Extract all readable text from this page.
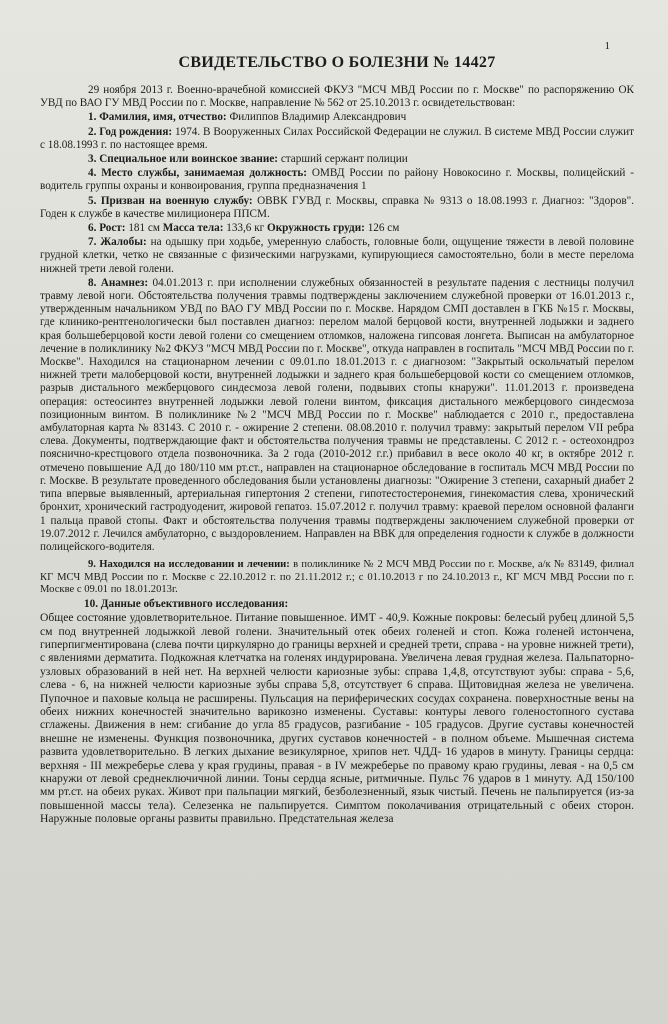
1
СВИДЕТЕЛЬСТВО О БОЛЕЗНИ № 14427

29 ноября 2013 г. Военно-врачебной комиссией ФКУЗ "МСЧ МВД России по г. Москве" по распоряжению ОК УВД по ВАО ГУ МВД России по г. Москве, направление № 562 от 25.10.2013 г. освидетельствован:

1. Фамилия, имя, отчество: Филиппов Владимир Александрович

2. Год рождения: 1974. В Вооруженных Силах Российской Федерации не служил. В системе МВД России служит с 18.08.1993 г. по настоящее время.

3. Специальное или воинское звание: старший сержант полиции

4. Место службы, занимаемая должность: ОМВД России по району Новокосино г. Москвы, полицейский - водитель группы охраны и конвоирования, группа предназначения 1

5. Призван на военную службу: ОВВК ГУВД г. Москвы, справка № 9313 о 18.08.1993 г. Диагноз: "Здоров". Годен к службе в качестве милиционера ППСМ.

6. Рост: 181 см Масса тела: 133,6 кг Окружность груди: 126 см

7. Жалобы: на одышку при ходьбе, умеренную слабость, головные боли, ощущение тяжести в левой половине грудной клетки, четко не связанные с физическими нагрузками, купирующиеся самостоятельно, боли в месте перелома нижней трети левой голени.

8. Анамнез: 04.01.2013 г. при исполнении служебных обязанностей в результате падения с лестницы получил травму левой ноги. Обстоятельства получения травмы подтверждены заключением служебной проверки от 16.01.2013 г., утвержденным начальником УВД по ВАО ГУ МВД России по г. Москве. Нарядом СМП доставлен в ГКБ №15 г. Москвы, где клинико-рентгенологически был поставлен диагноз: перелом малой берцовой кости, внутренней лодыжки и заднего края большеберцовой кости левой голени со смещением отломков, наложена гипсовая лонгета. Выписан на амбулаторное лечение в поликлинику №2 ФКУЗ "МСЧ МВД России по г. Москве", откуда направлен в госпиталь "МСЧ МВД России по г. Москве". Находился на стационарном лечении с 09.01.по 18.01.2013 г. с диагнозом: "Закрытый оскольчатый перелом нижней трети малоберцовой кости, внутренней лодыжки и заднего края большеберцовой кости со смещением отломков, разрыв дистального межберцового синдесмоза левой голени, подвывих стопы кнаружи". 11.01.2013 г. произведена операция: остеосинтез внутренней лодыжки левой голени винтом, фиксация дистального межберцового синдесмоза позиционным винтом. В поликлинике №2 "МСЧ МВД России по г. Москве" наблюдается с 2010 г., предоставлена амбулаторная карта № 83143. С 2010 г. - ожирение 2 степени. 08.08.2010 г. получил травму: закрытый перелом VII ребра слева. Документы, подтверждающие факт и обстоятельства получения травмы не представлены. С 2012 г. - остеохондроз пояснично-крестцового отдела позвоночника. За 2 года (2010-2012 г.г.) прибавил в весе около 40 кг, в октябре 2012 г. отмечено повышение АД до 180/110 мм рт.ст., направлен на стационарное обследование в госпиталь МСЧ МВД России по г. Москве. В результате проведенного обследования были установлены диагнозы: "Ожирение 3 степени, сахарный диабет 2 типа впервые выявленный, артериальная гипертония 2 степени, гипотестостеронемия, гинекомастия слева, хронический бронхит, хронический гастродуоденит, жировой гепатоз. 15.07.2012 г. получил травму: краевой перелом основной фаланги 1 пальца правой стопы. Факт и обстоятельства получения травмы подтверждены заключением служебной проверки от 19.07.2012 г. Лечился амбулаторно, с выздоровлением. Направлен на ВВК для определения годности к службе в должности полицейского-водителя.

9. Находился на исследовании и лечении: в поликлинике № 2 МСЧ МВД России по г. Москве, а/к № 83149, филиал КГ МСЧ МВД России по г. Москве с 22.10.2012 г. по 21.11.2012 г.; с 01.10.2013 г по 24.10.2013 г., КГ МСЧ МВД России по г. Москве с 09.01 по 18.01.2013г.

10. Данные объективного исследования:

Общее состояние удовлетворительное. Питание повышенное. ИМТ - 40,9. Кожные покровы: белесый рубец длиной 5,5 см под внутренней лодыжкой левой голени. Значительный отек обеих голеней и стоп. Кожа голеней истончена, гиперпигментирована (слева почти циркулярно до границы верхней и средней трети, справа - на уровне нижней трети), с явлениями дерматита. Подкожная клетчатка на голенях индурирована. Увеличена левая грудная железа. Пальпаторно-узловых образований в ней нет. На верхней челюсти кариозные зубы: справа 1,4,8, отсутствуют зубы: справа - 5,6, слева - 6, на нижней челюсти кариозные зубы справа 5,8, отсутствует 6 справа. Щитовидная железа не увеличена. Пупочное и паховые кольца не расширены. Пульсация на периферических сосудах сохранена. поверхностные вены на обеих нижних конечностей значительно варикозно изменены. Суставы: контуры левого голеностопного сустава сглажены. Движения в нем: сгибание до угла 85 градусов, разгибание - 105 градусов. Другие суставы конечностей внешне не изменены. Функция позвоночника, других суставов конечностей - в полном объеме. Мышечная система развита удовлетворительно. В легких дыхание везикулярное, хрипов нет. ЧДД- 16 ударов в минуту. Границы сердца: верхняя - III межреберье слева у края грудины, правая - в IV межреберье по правому краю грудины, левая - на 0,5 см кнаружи от левой среднеключичной линии. Тоны сердца ясные, ритмичные. Пульс 76 ударов в 1 минуту. АД 150/100 мм рт.ст. на обеих руках. Живот при пальпации мягкий, безболезненный, язык чистый. Печень не пальпируется (из-за повышенной массы тела). Селезенка не пальпируется. Симптом поколачивания отрицательный с обеих сторон. Наружные половые органы развиты правильно. Предстательная железа
